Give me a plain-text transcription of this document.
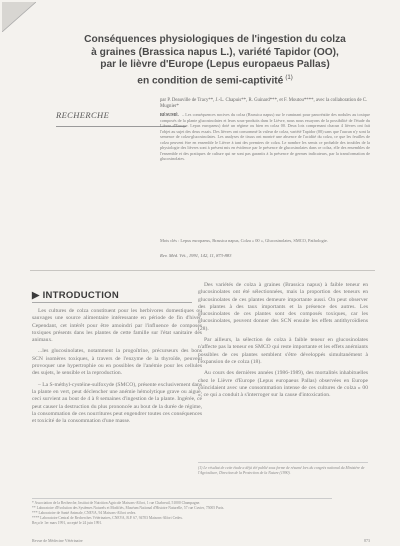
Conséquences physiologiques de l'ingestion du colza
à graines (Brassica napus L.), variété Tapidor (OO),
par le lièvre d'Europe (Lepus europaeus Pallas)
en condition de semi-captivité $^{(1)}$
RECHERCHE
par P. Deauville de Tracy**, J.-L. Chapuis**, R. Guinard***, et F. Moutou****, avec la collaboration de C. Mugnier*
RÉSUMÉ. – Les conséquences nocives du colza (Brassica napus) sur le ruminant pour pancréatite des nodules au toxique composés de la plante glucosinolates et leurs sous-produits dans le Lièvre, nous nous essayons de la possibilité de l'étude du Lièvre d'Europe. Lepus europaeus) doté un régime ou bien en colza 00. Deux lots comprenant chacun 4 lièvres ont fait l'objet au sujet des deux essais. Des lièvres ont consommé la valeur de colza, variété Tapidor (00) sans que l'aucun n'y sont la semence de colza-glucosinolates. Les analyses de tissus ont montré une absence de l'acidité du colza, ce que les feuilles de colza peuvent être en ensemble le Lièvre à tant des premiers de colza. Le nombre les semis ce probable des troubles de la physiologie des lièvres sont à présent mis en évidence par le présence de glucosinolates dans ce colza, elle des ensembles de l'ensemble et des pratiques de culture qui ne sont pas garantis à la présence de germes indicateurs, par la transformation de glucosinolates.
Mots clés : Lepus europaeus, Brassica napus, Colza « 00 », Glucosinolates, SMCO, Pathologie.
Rev. Méd. Vét., 1991, 142, 11, 873-883
▶ INTRODUCTION

Les cultures de colza constituent pour les herbivores domestiques ou sauvages une source alimentaire intéressante en période de fin d'hiver. Cependant, cet intérêt pour être amoindri par l'influence de composés toxiques présents dans les plantes de cette famille sur l'état sanitaire des animaux.

...les glucosinolates, notamment la progoïtrine, précurseurs des bons SCN isomères toxiques, à travers de l'enzyme de la thyroïde, peuvent provoquer une hypertrophie ou en possibles de l'anémie pour les cellules des sujets, le sensible et la reproduction.

– La S-méthyl-cystéine-sulfoxyde (SMCO), présente exclusivement dans la plante en vert, peut déclencher une anémie hémolytique grave ou aiguë, ceci survient au bout de 4 à 8 semaines d'ingestion de la plante. Ingérée, ce peut causer la destruction du plus prononcée au bout de la durée de régime, la consommation de ces nourritures peut engendrer toutes ces conséquences et toxicité de la consommation d'une masse.

Des variétés de colza à graines (Brassica napus) à faible teneur en glucosinolates ont été sélectionnées, mais la proportion des teneurs en glucosinolates de ces plantes demeure importante aussi. On peut observer des plantes à des taux importants et la présence des autres. Les glucosinolates de ces plantes sont des composés toxiques, car les glucosinolates, peuvent donner des SCN ensuite les effets antithyroïdiens (28).

Par ailleurs, la sélection de colza à faible teneur en glucosinolates n'affecte pas la teneur en SMCO qui reste importante et les effets anémiants possibles de ces plantes semblent s'être développés simultanément à l'expansion de ce colza (18).

Au cours des dernières années (1986-1989), des mortalités inhabituelles chez le Lièvre d'Europe (Lepus europaeus Pallas) observées en Europe coïncidaient avec une consommation intense de ces cultures de colza « 00 », ce qui a conduit à s'interroger sur la cause d'intoxication.

(1) Le résultat de cette étude a déjà été publié sous forme de résumé lors du congrès national du Ministère de l'Agriculture, Direction de la Protection de la Nature (1990).
* Association de la Recherche, Institut de Nutrition Agricole Maisons-Alfort, 1 rue Chabreuil, 51000 Champagne.
** Laboratoire d'Évolution des Systèmes Naturels et Modifiés, Muséum National d'Histoire Naturelle, 57 rue Cuvier, 75005 Paris.
*** Laboratoire de Santé Animale, CNEVA, 94 Maisons-Alfort cedex.
**** Laboratoire Central de Recherches Vétérinaires, CNEVA, B.P. 67, 94703 Maisons-Alfort Cedex.
Reçu le 1er mars 1991, accepté le 24 juin 1991.
Revue de Médecine Vétérinaire	873
